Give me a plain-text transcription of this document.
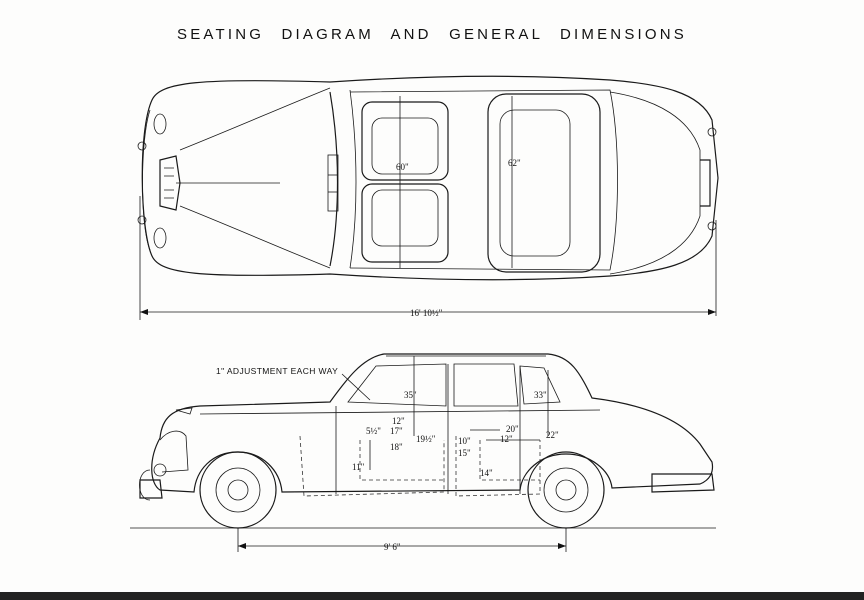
SEATING DIAGRAM AND GENERAL DIMENSIONS
60"	62"
16' 10½"
1" ADJUSTMENT EACH WAY
35"	33"
12"
17"
5½"
18"
19½"
11"
10"
15"
20"
12"	22"
14"
9' 6"
